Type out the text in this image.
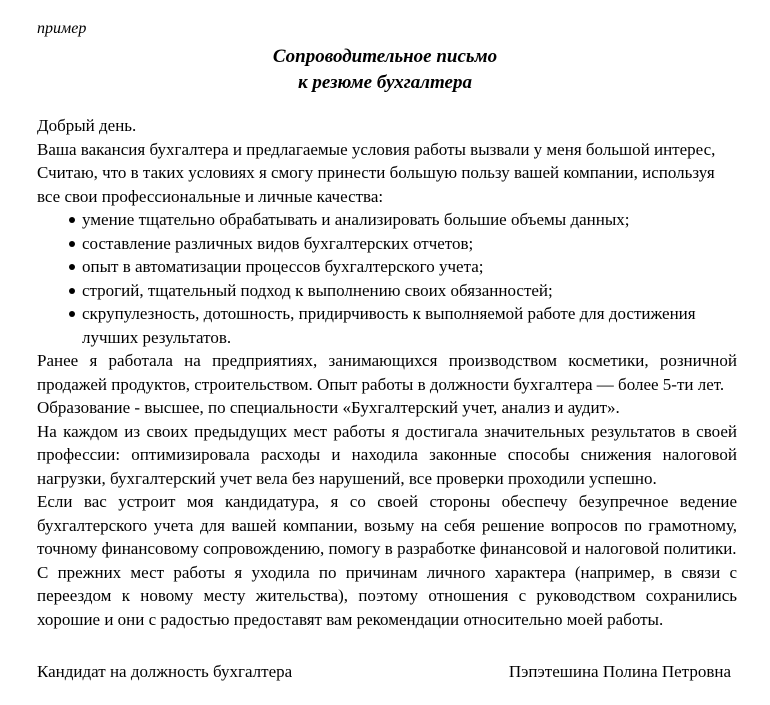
пример
Сопроводительное письмо
к резюме бухгалтера

Добрый день.

Ваша вакансия бухгалтера и предлагаемые условия работы вызвали у меня большой интерес,

Считаю, что в таких условиях я смогу принести большую пользу вашей компании, используя

все свои профессиональные и личные качества:

умение тщательно обрабатывать и анализировать большие объемы данных;
составление различных видов бухгалтерских отчетов;
опыт в автоматизации процессов бухгалтерского учета;
строгий, тщательный подход к выполнению своих обязанностей;
скрупулезность, дотошность, придирчивость к выполняемой работе для достижения лучших результатов.

Ранее я работала на предприятиях, занимающихся производством косметики, розничной продажей продуктов, строительством. Опыт работы в должности бухгалтера — более 5-ти лет.

Образование - высшее, по специальности «Бухгалтерский учет, анализ и аудит».

На каждом из своих предыдущих мест работы я достигала значительных результатов в своей профессии: оптимизировала расходы и находила законные способы снижения налоговой нагрузки, бухгалтерский учет вела без нарушений, все проверки проходили успешно.

Если вас устроит моя кандидатура, я со своей стороны обеспечу безупречное ведение бухгалтерского учета для вашей компании, возьму на себя решение вопросов по грамотному, точному финансовому сопровождению, помогу в разработке финансовой и налоговой политики.

С прежних мест работы я уходила по причинам личного характера (например, в связи с переездом к новому месту жительства), поэтому отношения с руководством сохранились хорошие и они с радостью предоставят вам рекомендации относительно моей работы.

Кандидат на должность бухгалтера	Пэпэтешина Полина Петровна
